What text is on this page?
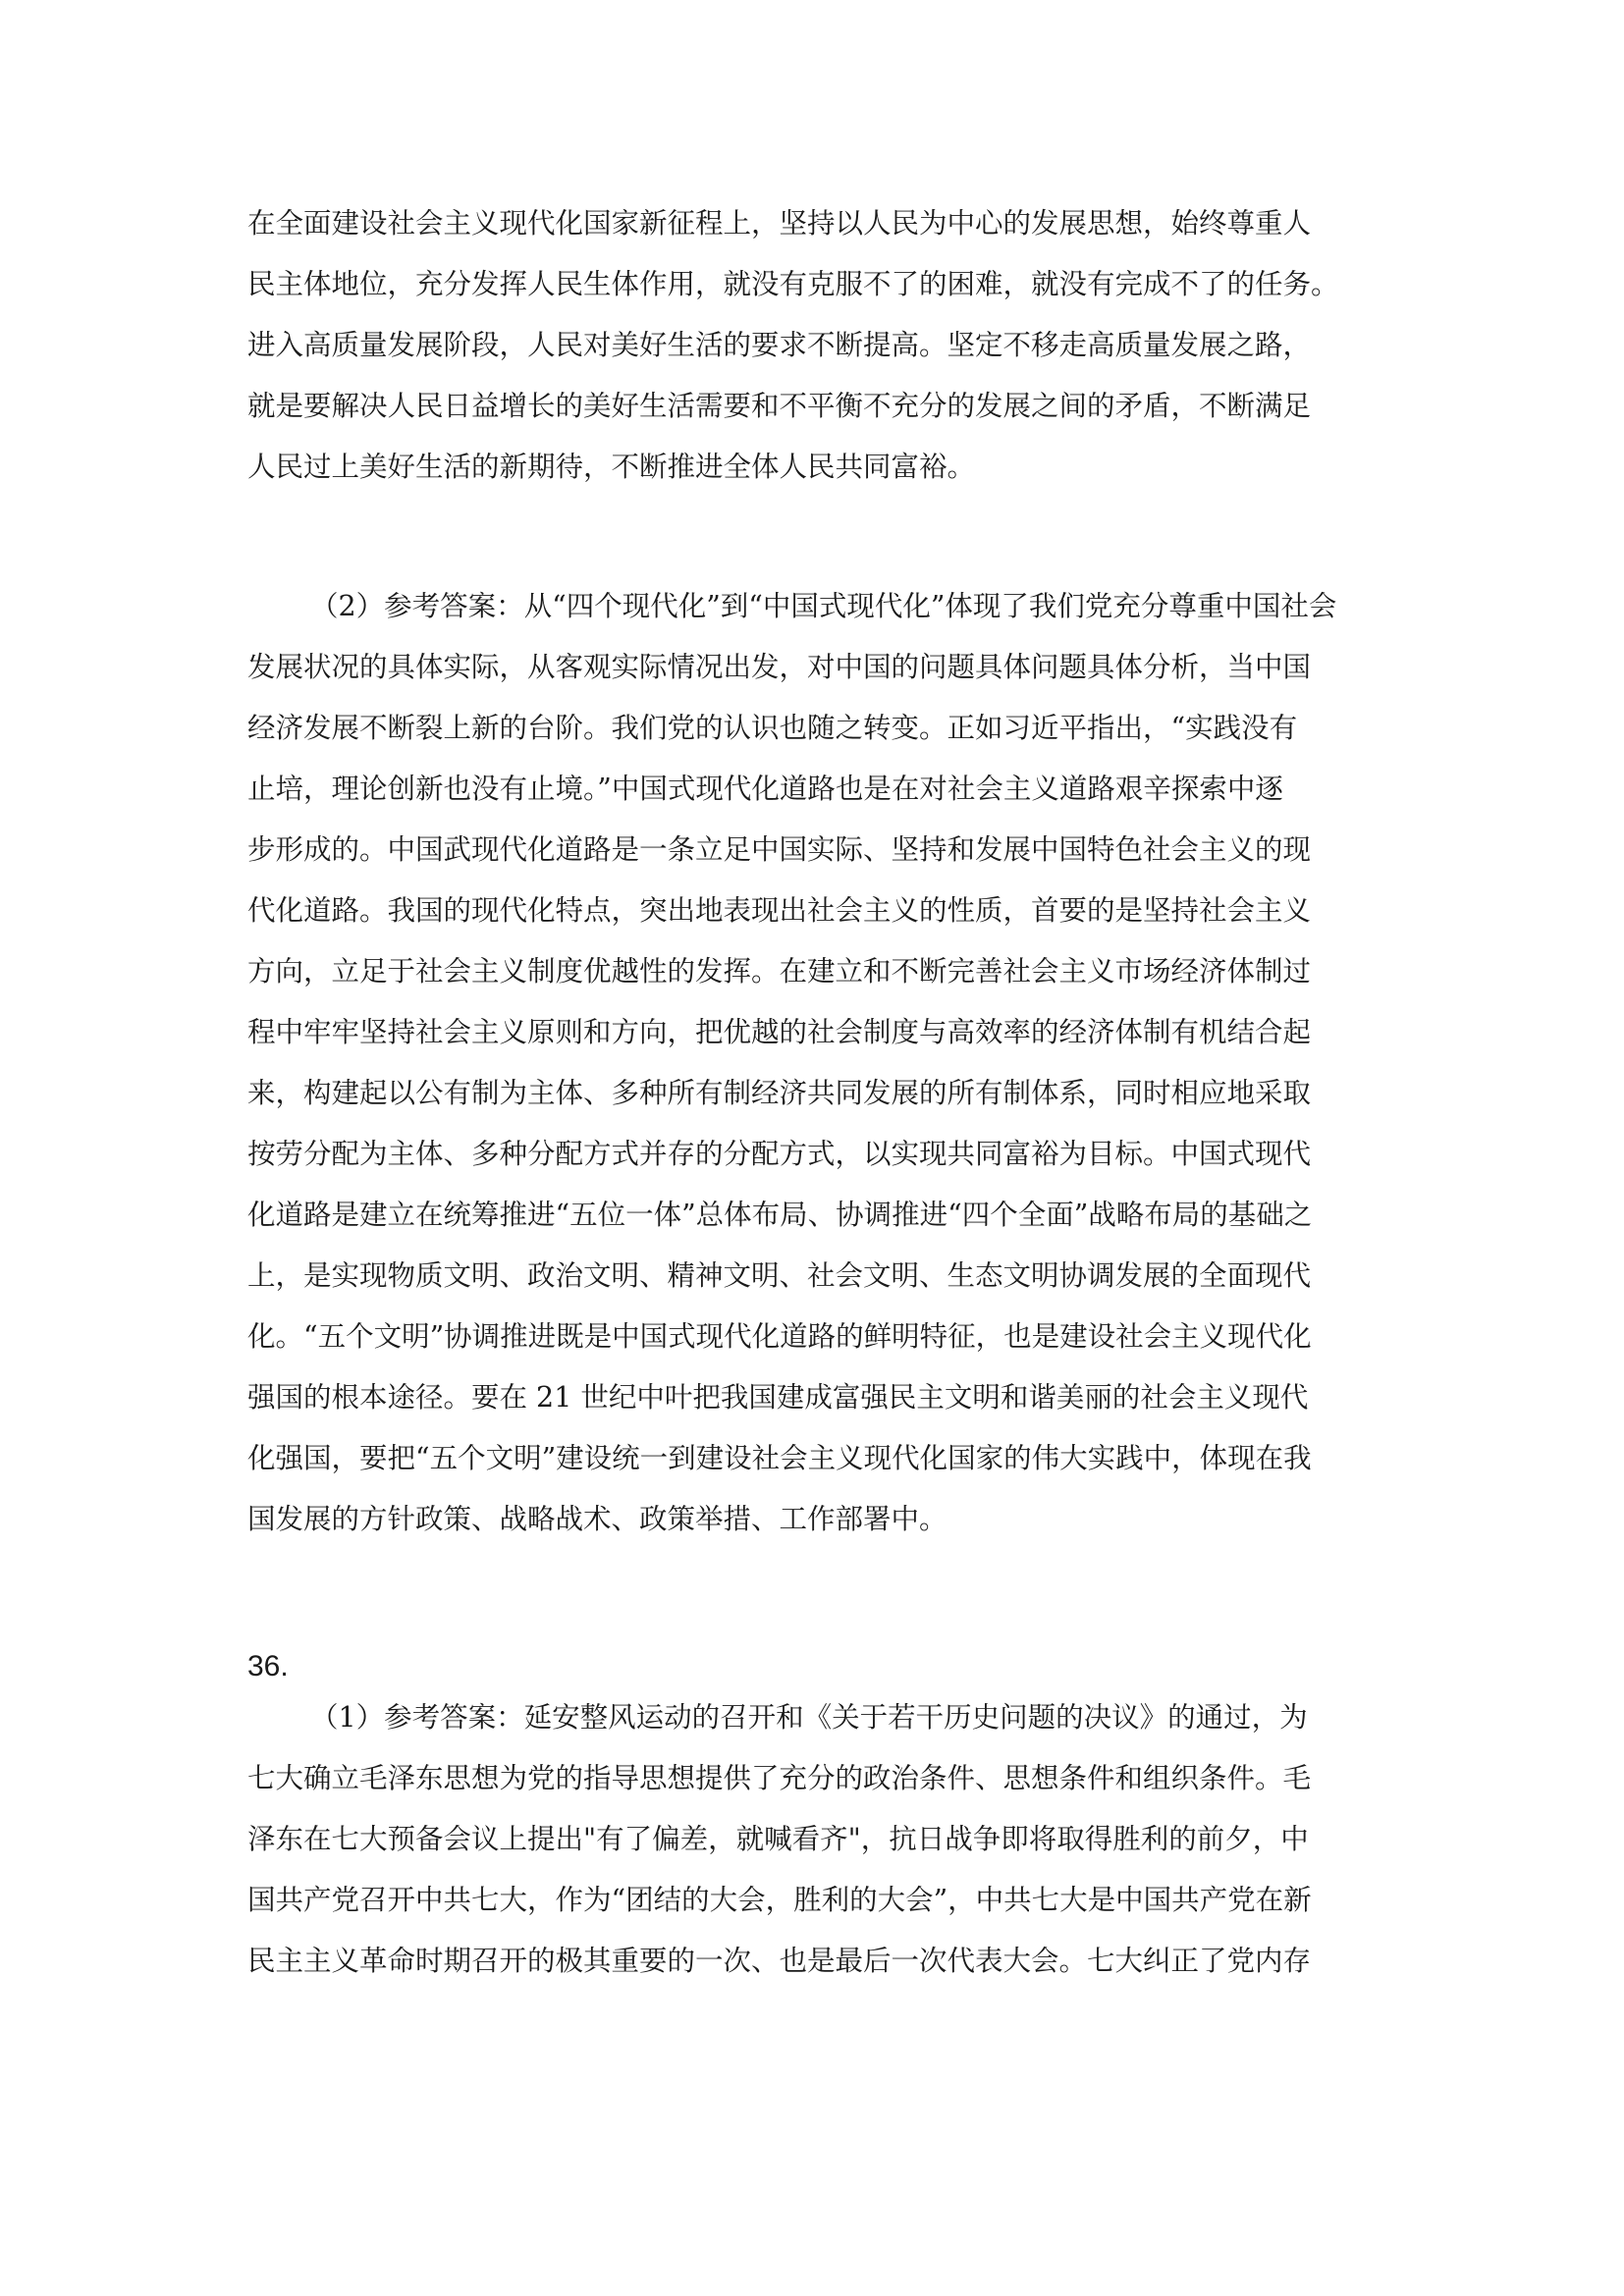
在全面建设社会主义现代化国家新征程上，坚持以人民为中心的发展思想，始终尊重人
民主体地位，充分发挥人民生体作用，就没有克服不了的困难，就没有完成不了的任务。
进入高质量发展阶段，人民对美好生活的要求不断提高。坚定不移走高质量发展之路，
就是要解决人民日益增长的美好生活需要和不平衡不充分的发展之间的矛盾，不断满足
人民过上美好生活的新期待，不断推进全体人民共同富裕。
（2）参考答案：从“四个现代化”到“中国式现代化”体现了我们党充分尊重中国社会
发展状况的具体实际，从客观实际情况出发，对中国的问题具体问题具体分析，当中国
经济发展不断裂上新的台阶。我们党的认识也随之转变。正如习近平指出，“实践没有
止培，理论创新也没有止境。”中国式现代化道路也是在对社会主义道路艰辛探索中逐
步形成的。中国武现代化道路是一条立足中国实际、坚持和发展中国特色社会主义的现
代化道路。我国的现代化特点，突出地表现出社会主义的性质，首要的是坚持社会主义
方向，立足于社会主义制度优越性的发挥。在建立和不断完善社会主义市场经济体制过
程中牢牢坚持社会主义原则和方向，把优越的社会制度与高效率的经济体制有机结合起
来，构建起以公有制为主体、多种所有制经济共同发展的所有制体系，同时相应地采取
按劳分配为主体、多种分配方式并存的分配方式，以实现共同富裕为目标。中国式现代
化道路是建立在统筹推进“五位一体”总体布局、协调推进“四个全面”战略布局的基础之
上，是实现物质文明、政治文明、精神文明、社会文明、生态文明协调发展的全面现代
化。“五个文明”协调推进既是中国式现代化道路的鲜明特征，也是建设社会主义现代化
强国的根本途径。要在 21 世纪中叶把我国建成富强民主文明和谐美丽的社会主义现代
化强国，要把“五个文明”建设统一到建设社会主义现代化国家的伟大实践中，体现在我
国发展的方针政策、战略战术、政策举措、工作部署中。
36.
（1）参考答案：延安整风运动的召开和《关于若干历史问题的决议》的通过，为
七大确立毛泽东思想为党的指导思想提供了充分的政治条件、思想条件和组织条件。毛
泽东在七大预备会议上提出"有了偏差，就喊看齐"，抗日战争即将取得胜利的前夕，中
国共产党召开中共七大，作为“团结的大会，胜利的大会”，中共七大是中国共产党在新
民主主义革命时期召开的极其重要的一次、也是最后一次代表大会。七大纠正了党内存
